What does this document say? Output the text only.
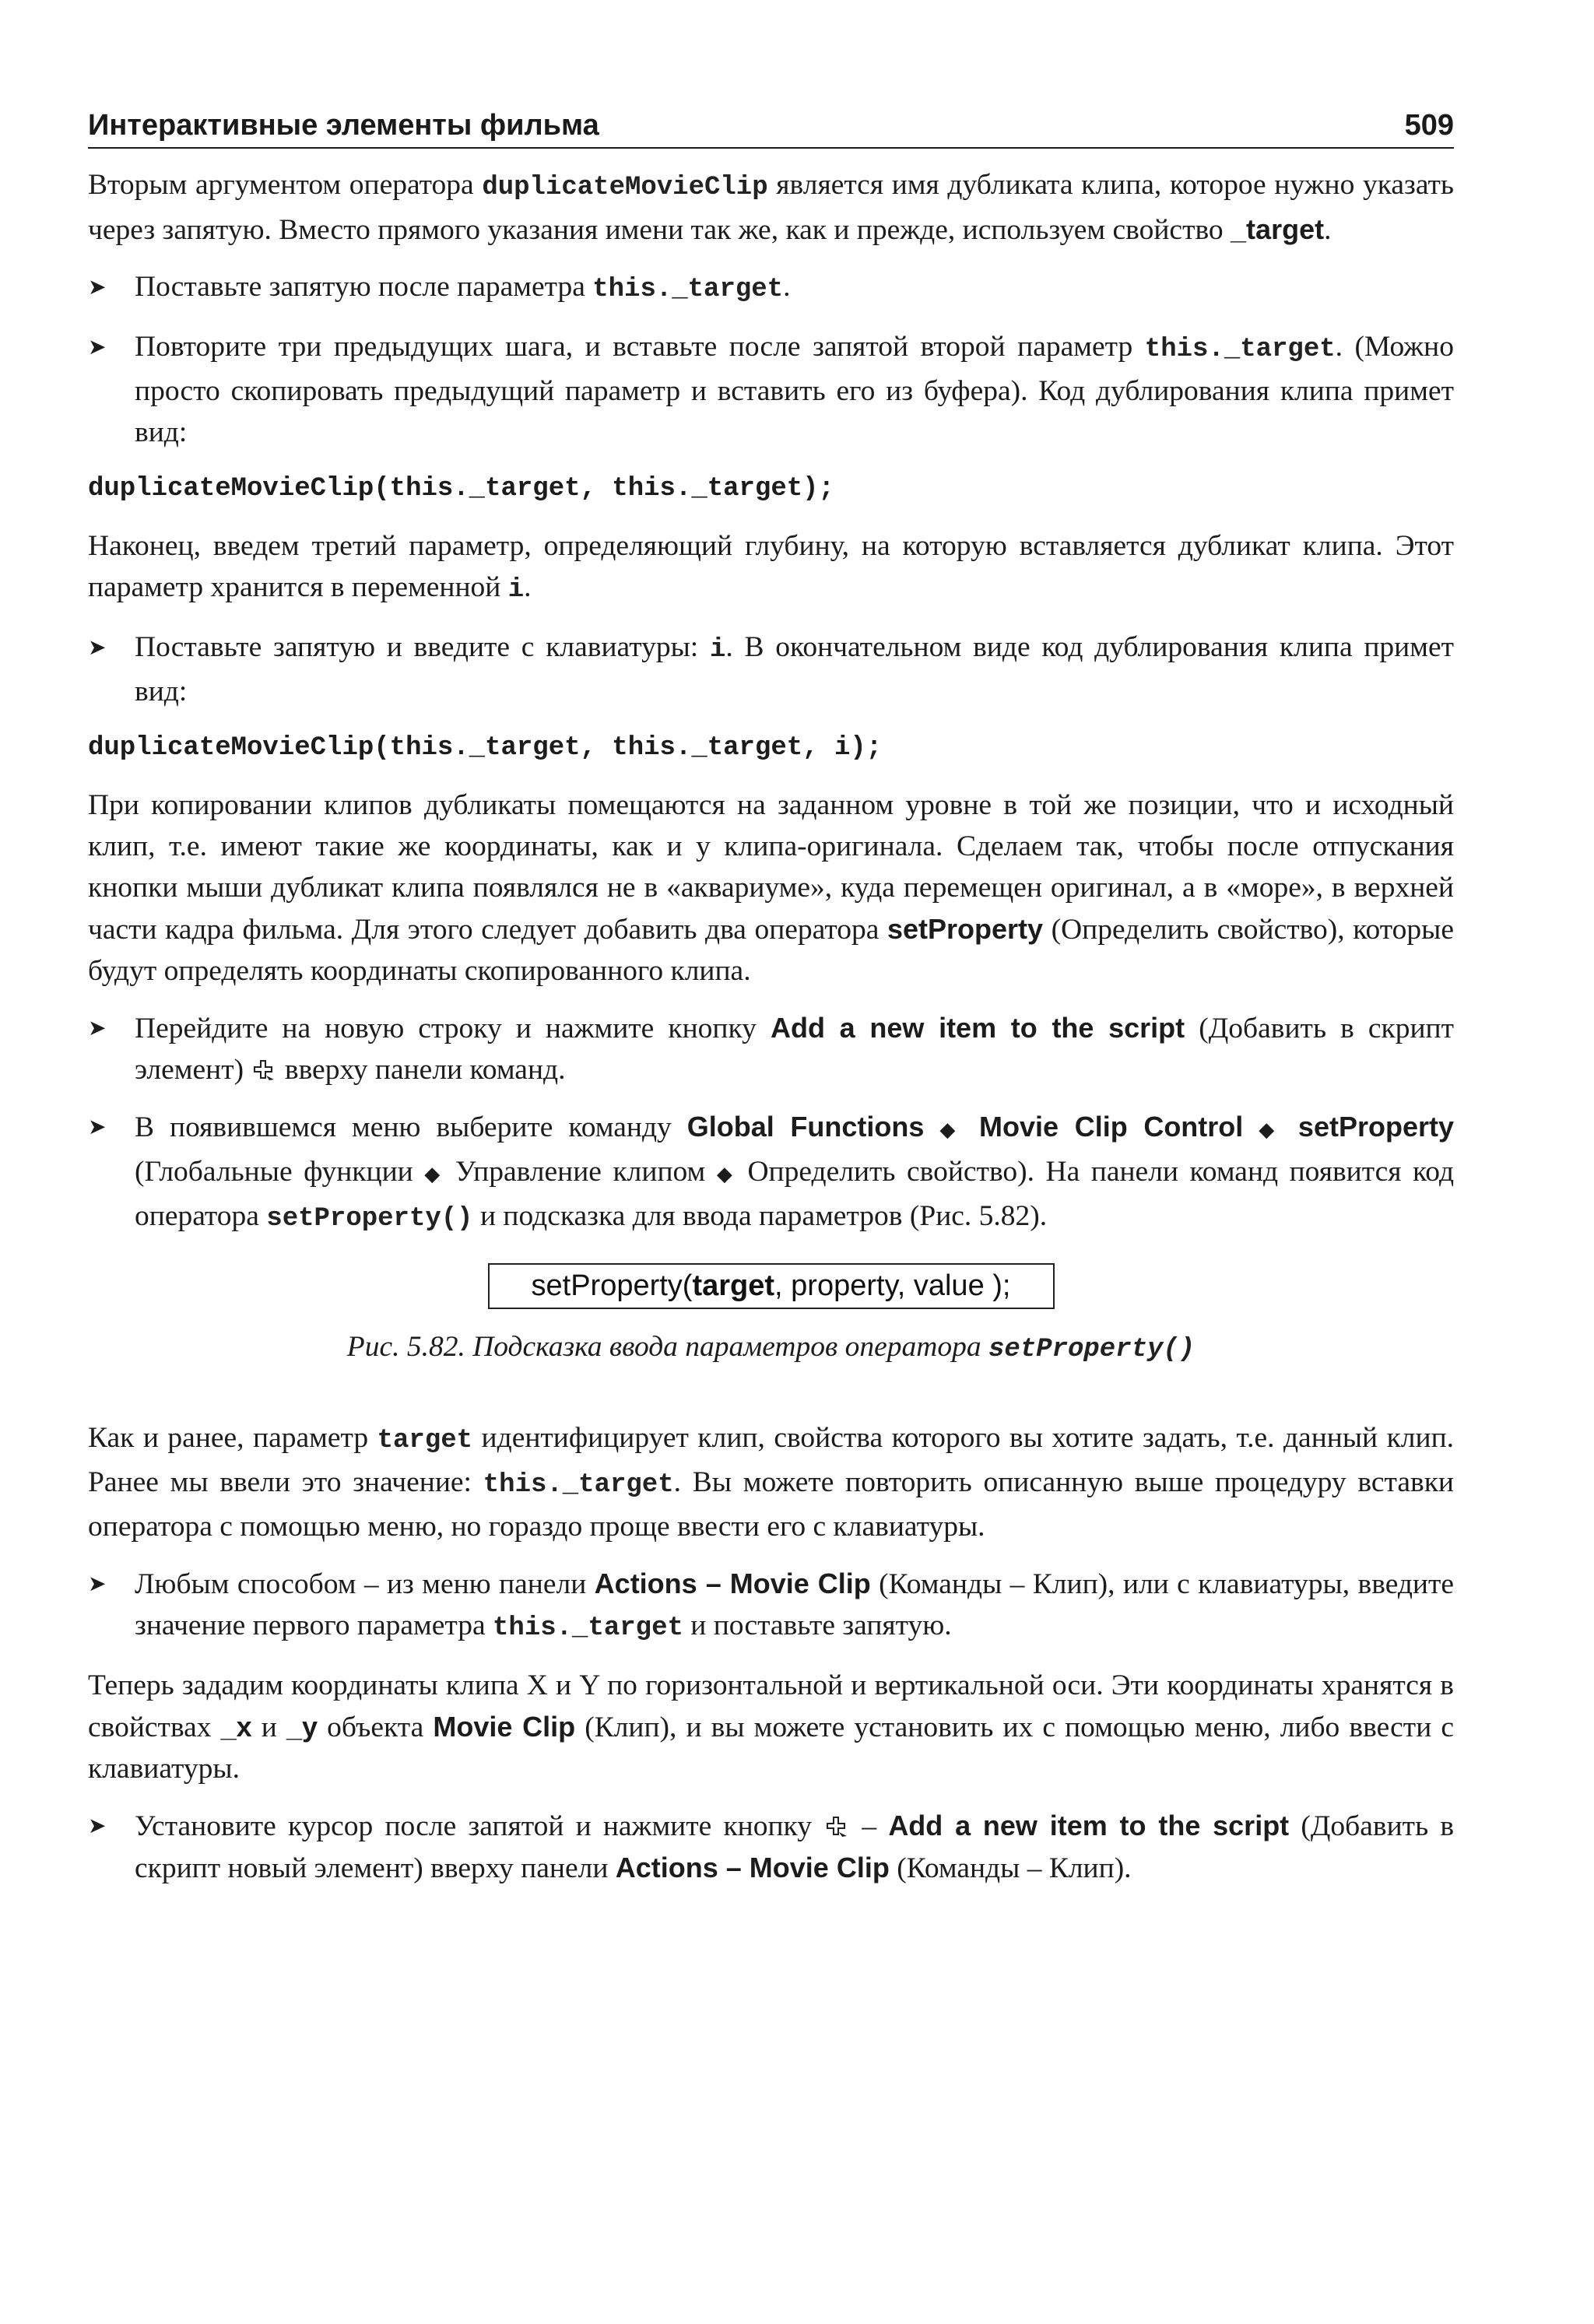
Интерактивные элементы фильма	509

Вторым аргументом оператора duplicateMovieClip является имя дубликата клипа, которое нужно указать через запятую. Вместо прямого указания имени так же, как и прежде, используем свойство _target.

➤ Поставьте запятую после параметра this._target.
➤ Повторите три предыдущих шага, и вставьте после запятой второй параметр this._target. (Можно просто скопировать предыдущий параметр и вставить его из буфера). Код дублирования клипа примет вид:
duplicateMovieClip(this._target, this._target);

Наконец, введем третий параметр, определяющий глубину, на которую вставляется дубликат клипа. Этот параметр хранится в переменной i.

➤ Поставьте запятую и введите с клавиатуры: i. В окончательном виде код дублирования клипа примет вид:
duplicateMovieClip(this._target, this._target, i);

При копировании клипов дубликаты помещаются на заданном уровне в той же позиции, что и исходный клип, т.е. имеют такие же координаты, как и у клипа-оригинала. Сделаем так, чтобы после отпускания кнопки мыши дубликат клипа появлялся не в «аквариуме», куда перемещен оригинал, а в «море», в верхней части кадра фильма. Для этого следует добавить два оператора setProperty (Определить свойство), которые будут определять координаты скопированного клипа.

➤ Перейдите на новую строку и нажмите кнопку Add a new item to the script (Добавить в скрипт элемент) вверху панели команд.
➤ В появившемся меню выберите команду Global Functions ◆ Movie Clip Control ◆ setProperty (Глобальные функции ◆ Управление клипом ◆ Определить свойство). На панели команд появится код оператора setProperty() и подсказка для ввода параметров (Рис. 5.82).
setProperty(target, property, value );

Рис. 5.82. Подсказка ввода параметров оператора setProperty()

Как и ранее, параметр target идентифицирует клип, свойства которого вы хотите задать, т.е. данный клип. Ранее мы ввели это значение: this._target. Вы можете повторить описанную выше процедуру вставки оператора с помощью меню, но гораздо проще ввести его с клавиатуры.

➤ Любым способом – из меню панели Actions – Movie Clip (Команды – Клип), или с клавиатуры, введите значение первого параметра this._target и поставьте запятую.

Теперь зададим координаты клипа X и Y по горизонтальной и вертикальной оси. Эти координаты хранятся в свойствах _x и _y объекта Movie Clip (Клип), и вы можете установить их с помощью меню, либо ввести с клавиатуры.

➤ Установите курсор после запятой и нажмите кнопку – Add a new item to the script (Добавить в скрипт новый элемент) вверху панели Actions – Movie Clip (Команды – Клип).
